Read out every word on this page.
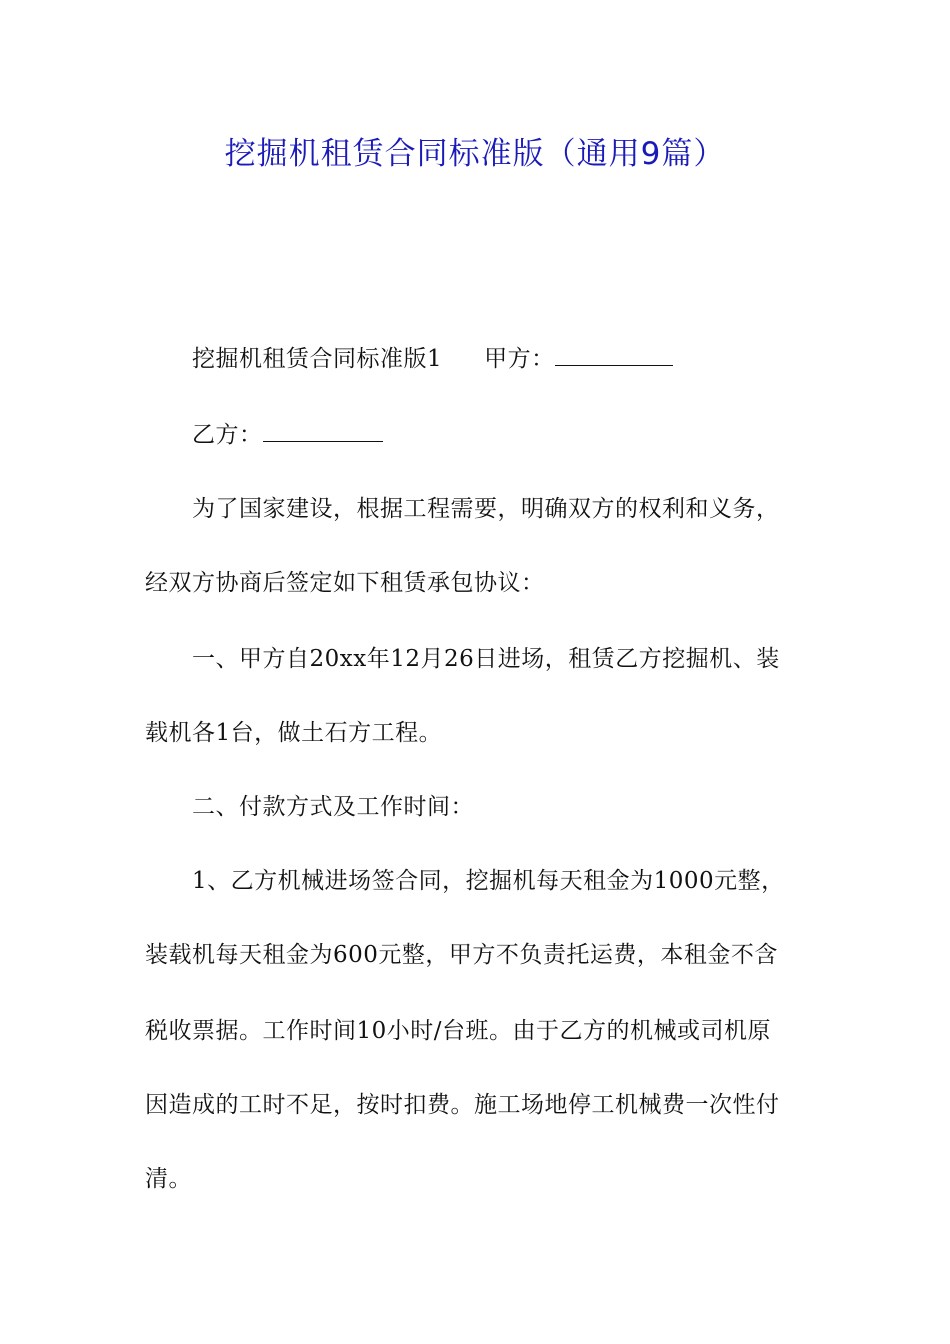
挖掘机租赁合同标准版（通用9篇）
挖掘机租赁合同标准版1 甲方：
乙方：
为了国家建设，根据工程需要，明确双方的权利和义务，
经双方协商后签定如下租赁承包协议：
一、甲方自20xx年12月26日进场，租赁乙方挖掘机、装
载机各1台，做土石方工程。
二、付款方式及工作时间：
1、乙方机械进场签合同，挖掘机每天租金为1000元整，
装载机每天租金为600元整，甲方不负责托运费，本租金不含
税收票据。工作时间10小时/台班。由于乙方的机械或司机原
因造成的工时不足，按时扣费。施工场地停工机械费一次性付
清。
